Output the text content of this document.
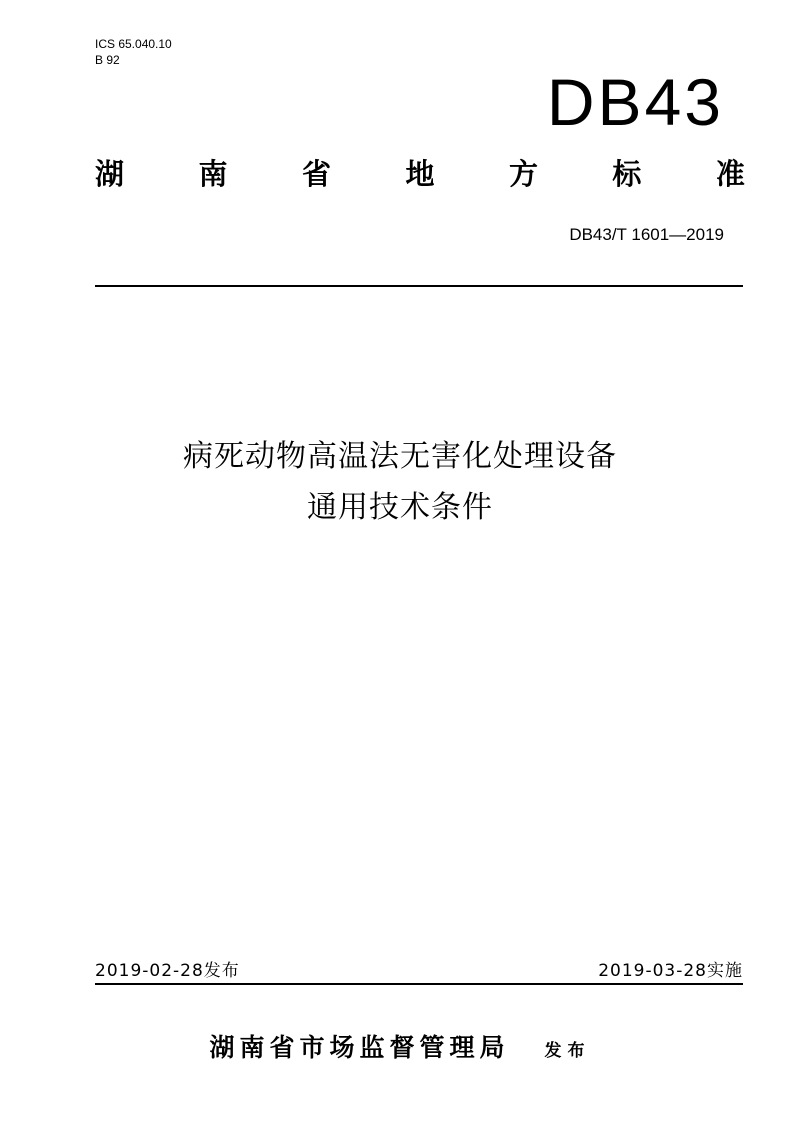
ICS 65.040.10
B 92
DB43
湖	南	省	地	方	标	准
DB43/T 1601—2019
病死动物高温法无害化处理设备
通用技术条件
2019-02-28发布	2019-03-28实施
湖南省市场监督管理局 发布
